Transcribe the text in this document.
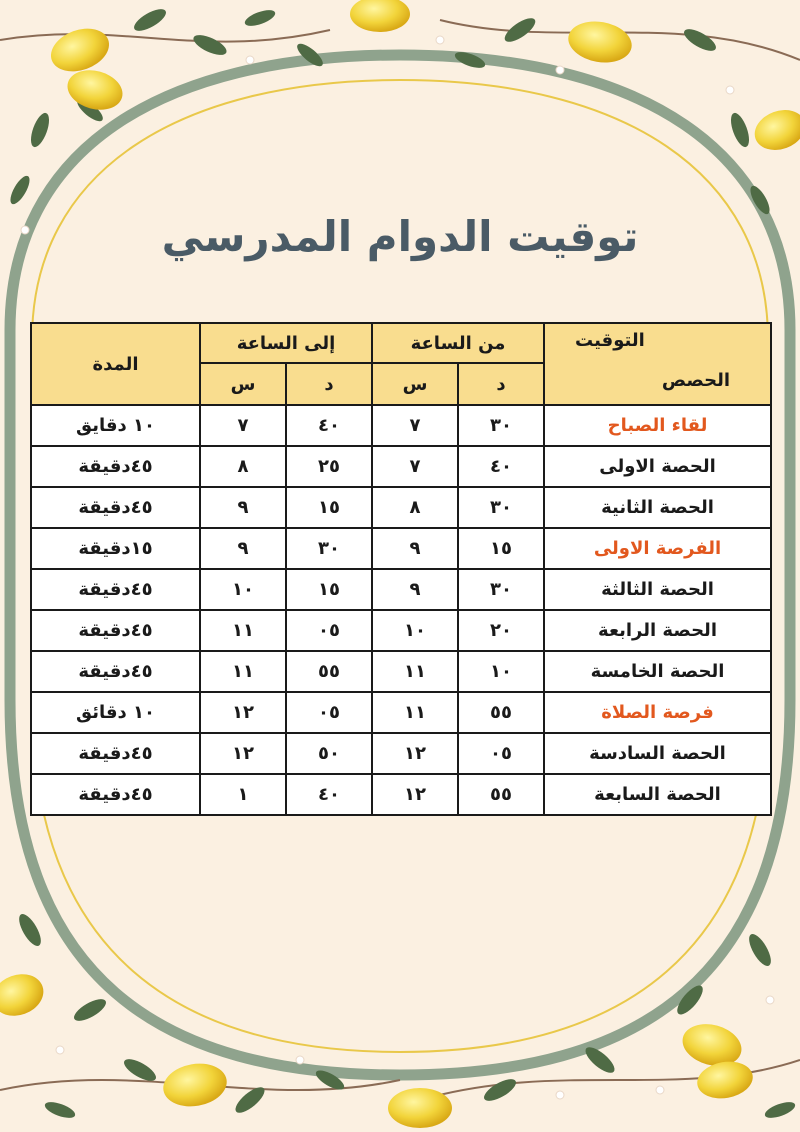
توقيت الدوام المدرسي
التوقيت
الحصص	من الساعة		إلى الساعة		المدة
	د	س	د	س	
لقاء الصباح	٣٠	٧	٤٠	٧	١٠ دقايق
الحصة الاولى	٤٠	٧	٢٥	٨	٤٥دقيقة
الحصة الثانية	٣٠	٨	١٥	٩	٤٥دقيقة
الفرصة الاولى	١٥	٩	٣٠	٩	١٥دقيقة
الحصة الثالثة	٣٠	٩	١٥	١٠	٤٥دقيقة
الحصة الرابعة	٢٠	١٠	٠٥	١١	٤٥دقيقة
الحصة الخامسة	١٠	١١	٥٥	١١	٤٥دقيقة
فرصة الصلاة	٥٥	١١	٠٥	١٢	١٠ دقائق
الحصة السادسة	٠٥	١٢	٥٠	١٢	٤٥دقيقة
الحصة السابعة	٥٥	١٢	٤٠	١	٤٥دقيقة
